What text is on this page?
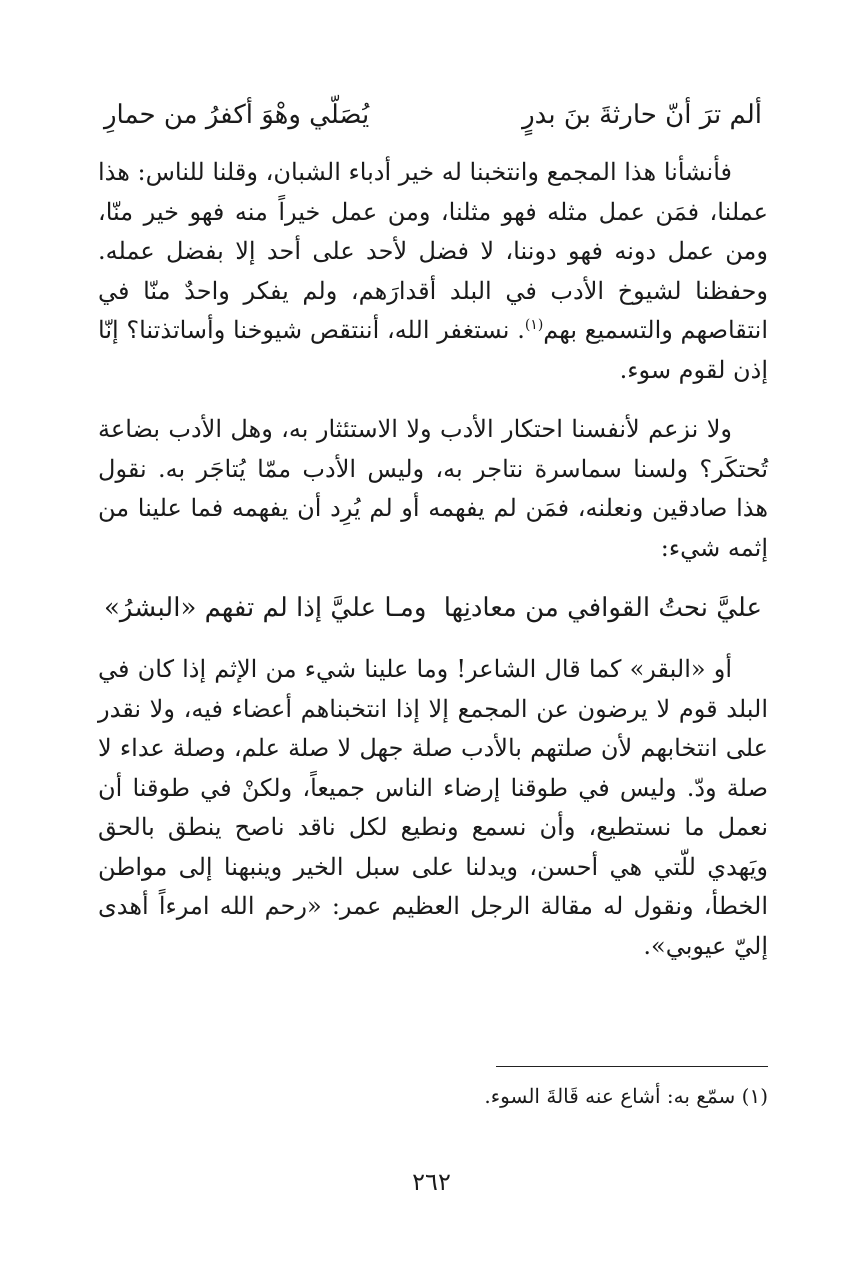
ألم ترَ أنّ حارثةَ بنَ بدرٍ
يُصَلّي وهْوَ أكفرُ من حمارِ

فأنشأنا هذا المجمع وانتخبنا له خير أدباء الشبان، وقلنا للناس: هذا عملنا، فمَن عمل مثله فهو مثلنا، ومن عمل خيراً منه فهو خير منّا، ومن عمل دونه فهو دوننا، لا فضل لأحد على أحد إلا بفضل عمله. وحفظنا لشيوخ الأدب في البلد أقدارَهم، ولم يفكر واحدٌ منّا في انتقاصهم والتسميع بهم$^{(١)}$. نستغفر الله، أننتقص شيوخنا وأساتذتنا؟ إنّا إذن لقوم سوء.

ولا نزعم لأنفسنا احتكار الأدب ولا الاستئثار به، وهل الأدب بضاعة تُحتكَر؟ ولسنا سماسرة نتاجر به، وليس الأدب ممّا يُتاجَر به. نقول هذا صادقين ونعلنه، فمَن لم يفهمه أو لم يُرِد أن يفهمه فما علينا من إثمه شيء:

عليَّ نحتُ القوافي من معادنِها
ومـا عليَّ إذا لم تفهم «البشرُ»

أو «البقر» كما قال الشاعر! وما علينا شيء من الإثم إذا كان في البلد قوم لا يرضون عن المجمع إلا إذا انتخبناهم أعضاء فيه، ولا نقدر على انتخابهم لأن صلتهم بالأدب صلة جهل لا صلة علم، وصلة عداء لا صلة ودّ. وليس في طوقنا إرضاء الناس جميعاً، ولكنْ في طوقنا أن نعمل ما نستطيع، وأن نسمع ونطيع لكل ناقد ناصح ينطق بالحق ويَهدي للّتي هي أحسن، ويدلنا على سبل الخير وينبهنا إلى مواطن الخطأ، ونقول له مقالة الرجل العظيم عمر: «رحم الله امرءاً أهدى إليّ عيوبي».

(١) سمّع به: أشاع عنه قَالةَ السوء.
٢٦٢
